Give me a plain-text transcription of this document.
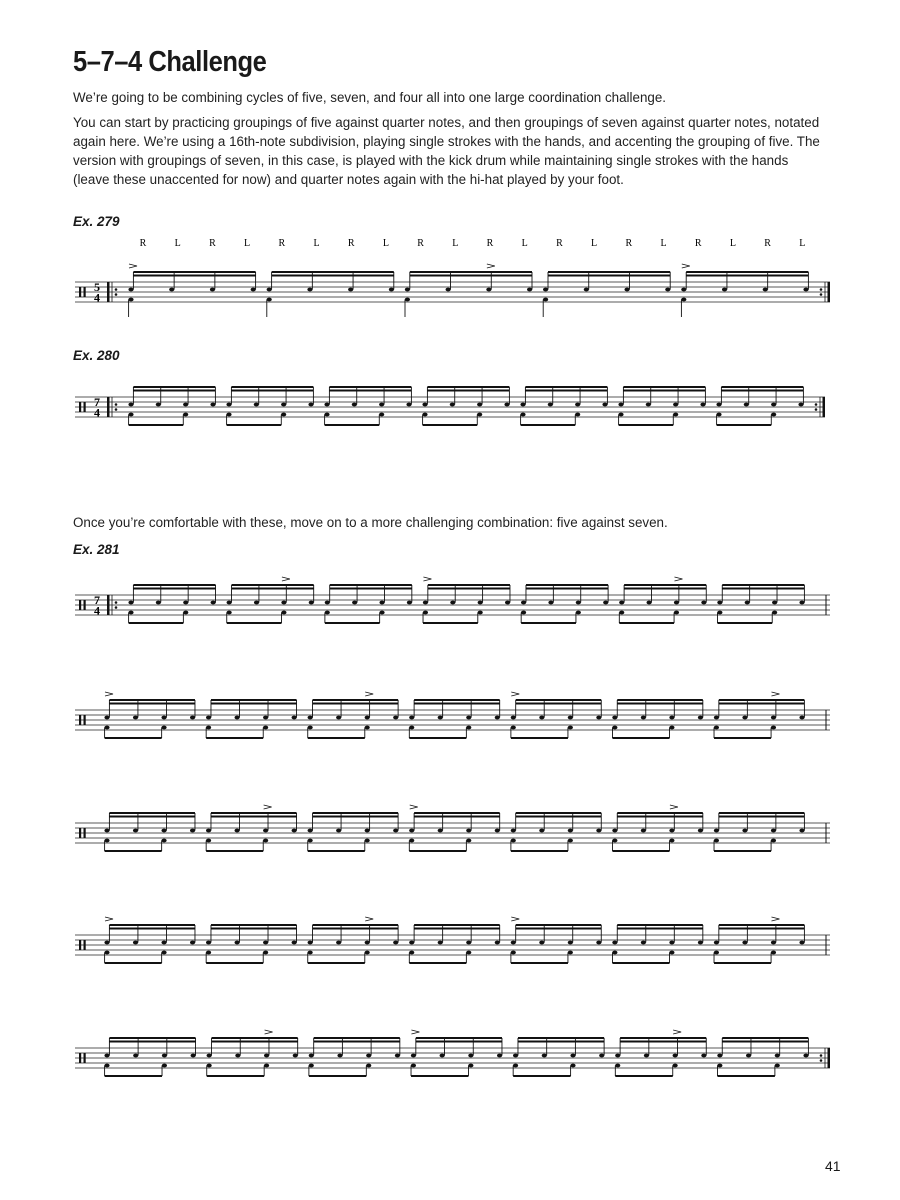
5–7–4 Challenge

We’re going to be combining cycles of five, seven, and four all into one large coordination challenge.

You can start by practicing groupings of five against quarter notes, and then groupings of seven against quarter notes, notated again here. We’re using a 16th-note subdivision, playing single strokes with the hands, and accenting the grouping of five. The version with groupings of seven, in this case, is played with the kick drum while maintaining single strokes with the hands (leave these unaccented for now) and quarter notes again with the hi-hat played by your foot.

Ex. 279
5
4
R	L	R	L	R	L	R	L	R	L	R	L	R	L	R	L	R	L	R	L
Ex. 280
7
4

Once you’re comfortable with these, move on to a more challenging combination: five against seven.

Ex. 281
7
4
41
